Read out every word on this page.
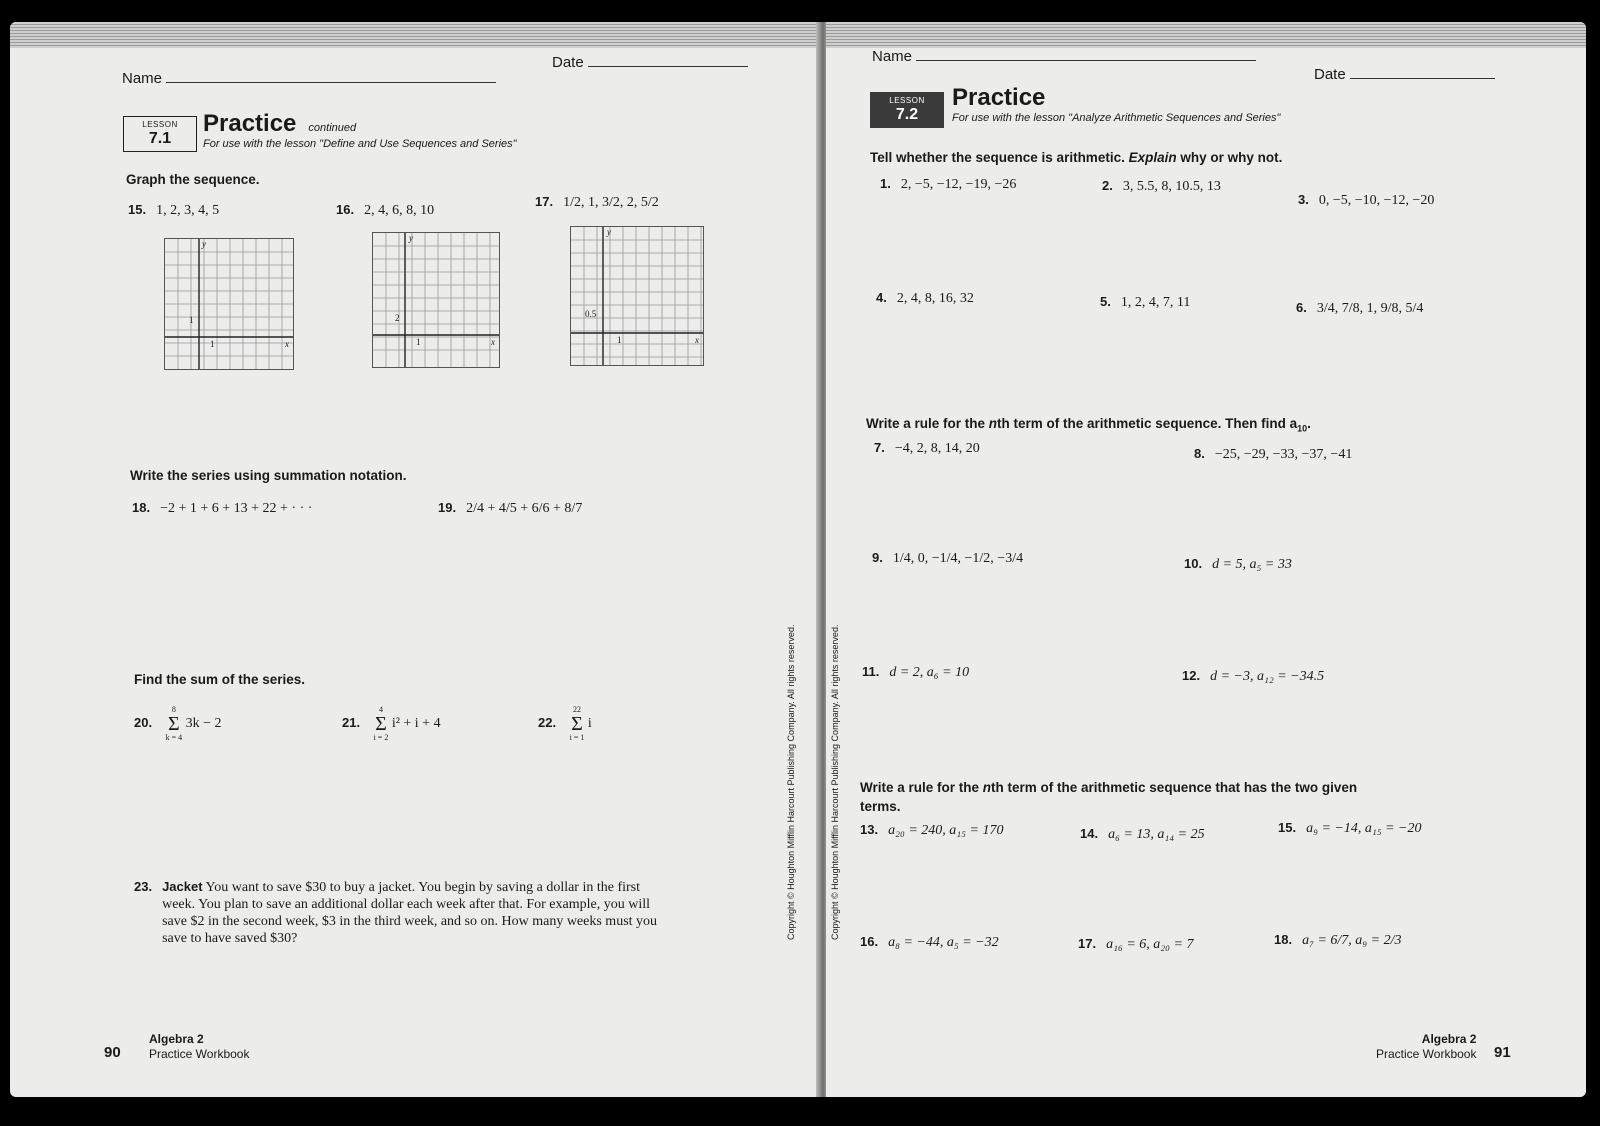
Name
Date
LESSON
7.1
Practice continued
For use with the lesson "Define and Use Sequences and Series"
Graph the sequence.
15. 1, 2, 3, 4, 5	16. 2, 4, 6, 8, 10
17. 1/2, 1, 3/2, 2, 5/2
y
x
1
1
y
x
2
1
y
x
0.5
1
Write the series using summation notation.
18. −2 + 1 + 6 + 13 + 22 + · · ·	19. 2/4 + 4/5 + 6/6 + 8/7
Find the sum of the series.
20.
8
Σ
k = 4
3k − 2	21.
4
Σ
i = 2
i² + i + 4	22.
22
Σ
i = 1
i
23. Jacket You want to save $30 to buy a jacket. You begin by saving a dollar in the first week. You plan to save an additional dollar each week after that. For example, you will save $2 in the second week, $3 in the third week, and so on. How many weeks must you save to have saved $30?
90
Algebra 2
Practice Workbook
Copyright © Houghton Mifflin Harcourt Publishing Company. All rights reserved.
Name
Date
LESSON
7.2
Practice
For use with the lesson "Analyze Arithmetic Sequences and Series"
Tell whether the sequence is arithmetic. Explain why or why not.
1. 2, −5, −12, −19, −26	2. 3, 5.5, 8, 10.5, 13
3. 0, −5, −10, −12, −20
4. 2, 4, 8, 16, 32	5. 1, 2, 4, 7, 11	6. 3/4, 7/8, 1, 9/8, 5/4
Write a rule for the nth term of the arithmetic sequence. Then find $a_{10}$.
7. −4, 2, 8, 14, 20	8. −25, −29, −33, −37, −41
9. 1/4, 0, −1/4, −1/2, −3/4	10. d = 5, a₅ = 33
11. d = 2, a₆ = 10	12. d = −3, a₁₂ = −34.5
Write a rule for the nth term of the arithmetic sequence that has the two given terms.
13. a₂₀ = 240, a₁₅ = 170	14. a₆ = 13, a₁₄ = 25	15. a₉ = −14, a₁₅ = −20
16. a₈ = −44, a₅ = −32	17. a₁₆ = 6, a₂₀ = 7	18. a₇ = 6/7, a₉ = 2/3
Algebra 2
Practice Workbook 91
Copyright © Houghton Mifflin Harcourt Publishing Company. All rights reserved.
